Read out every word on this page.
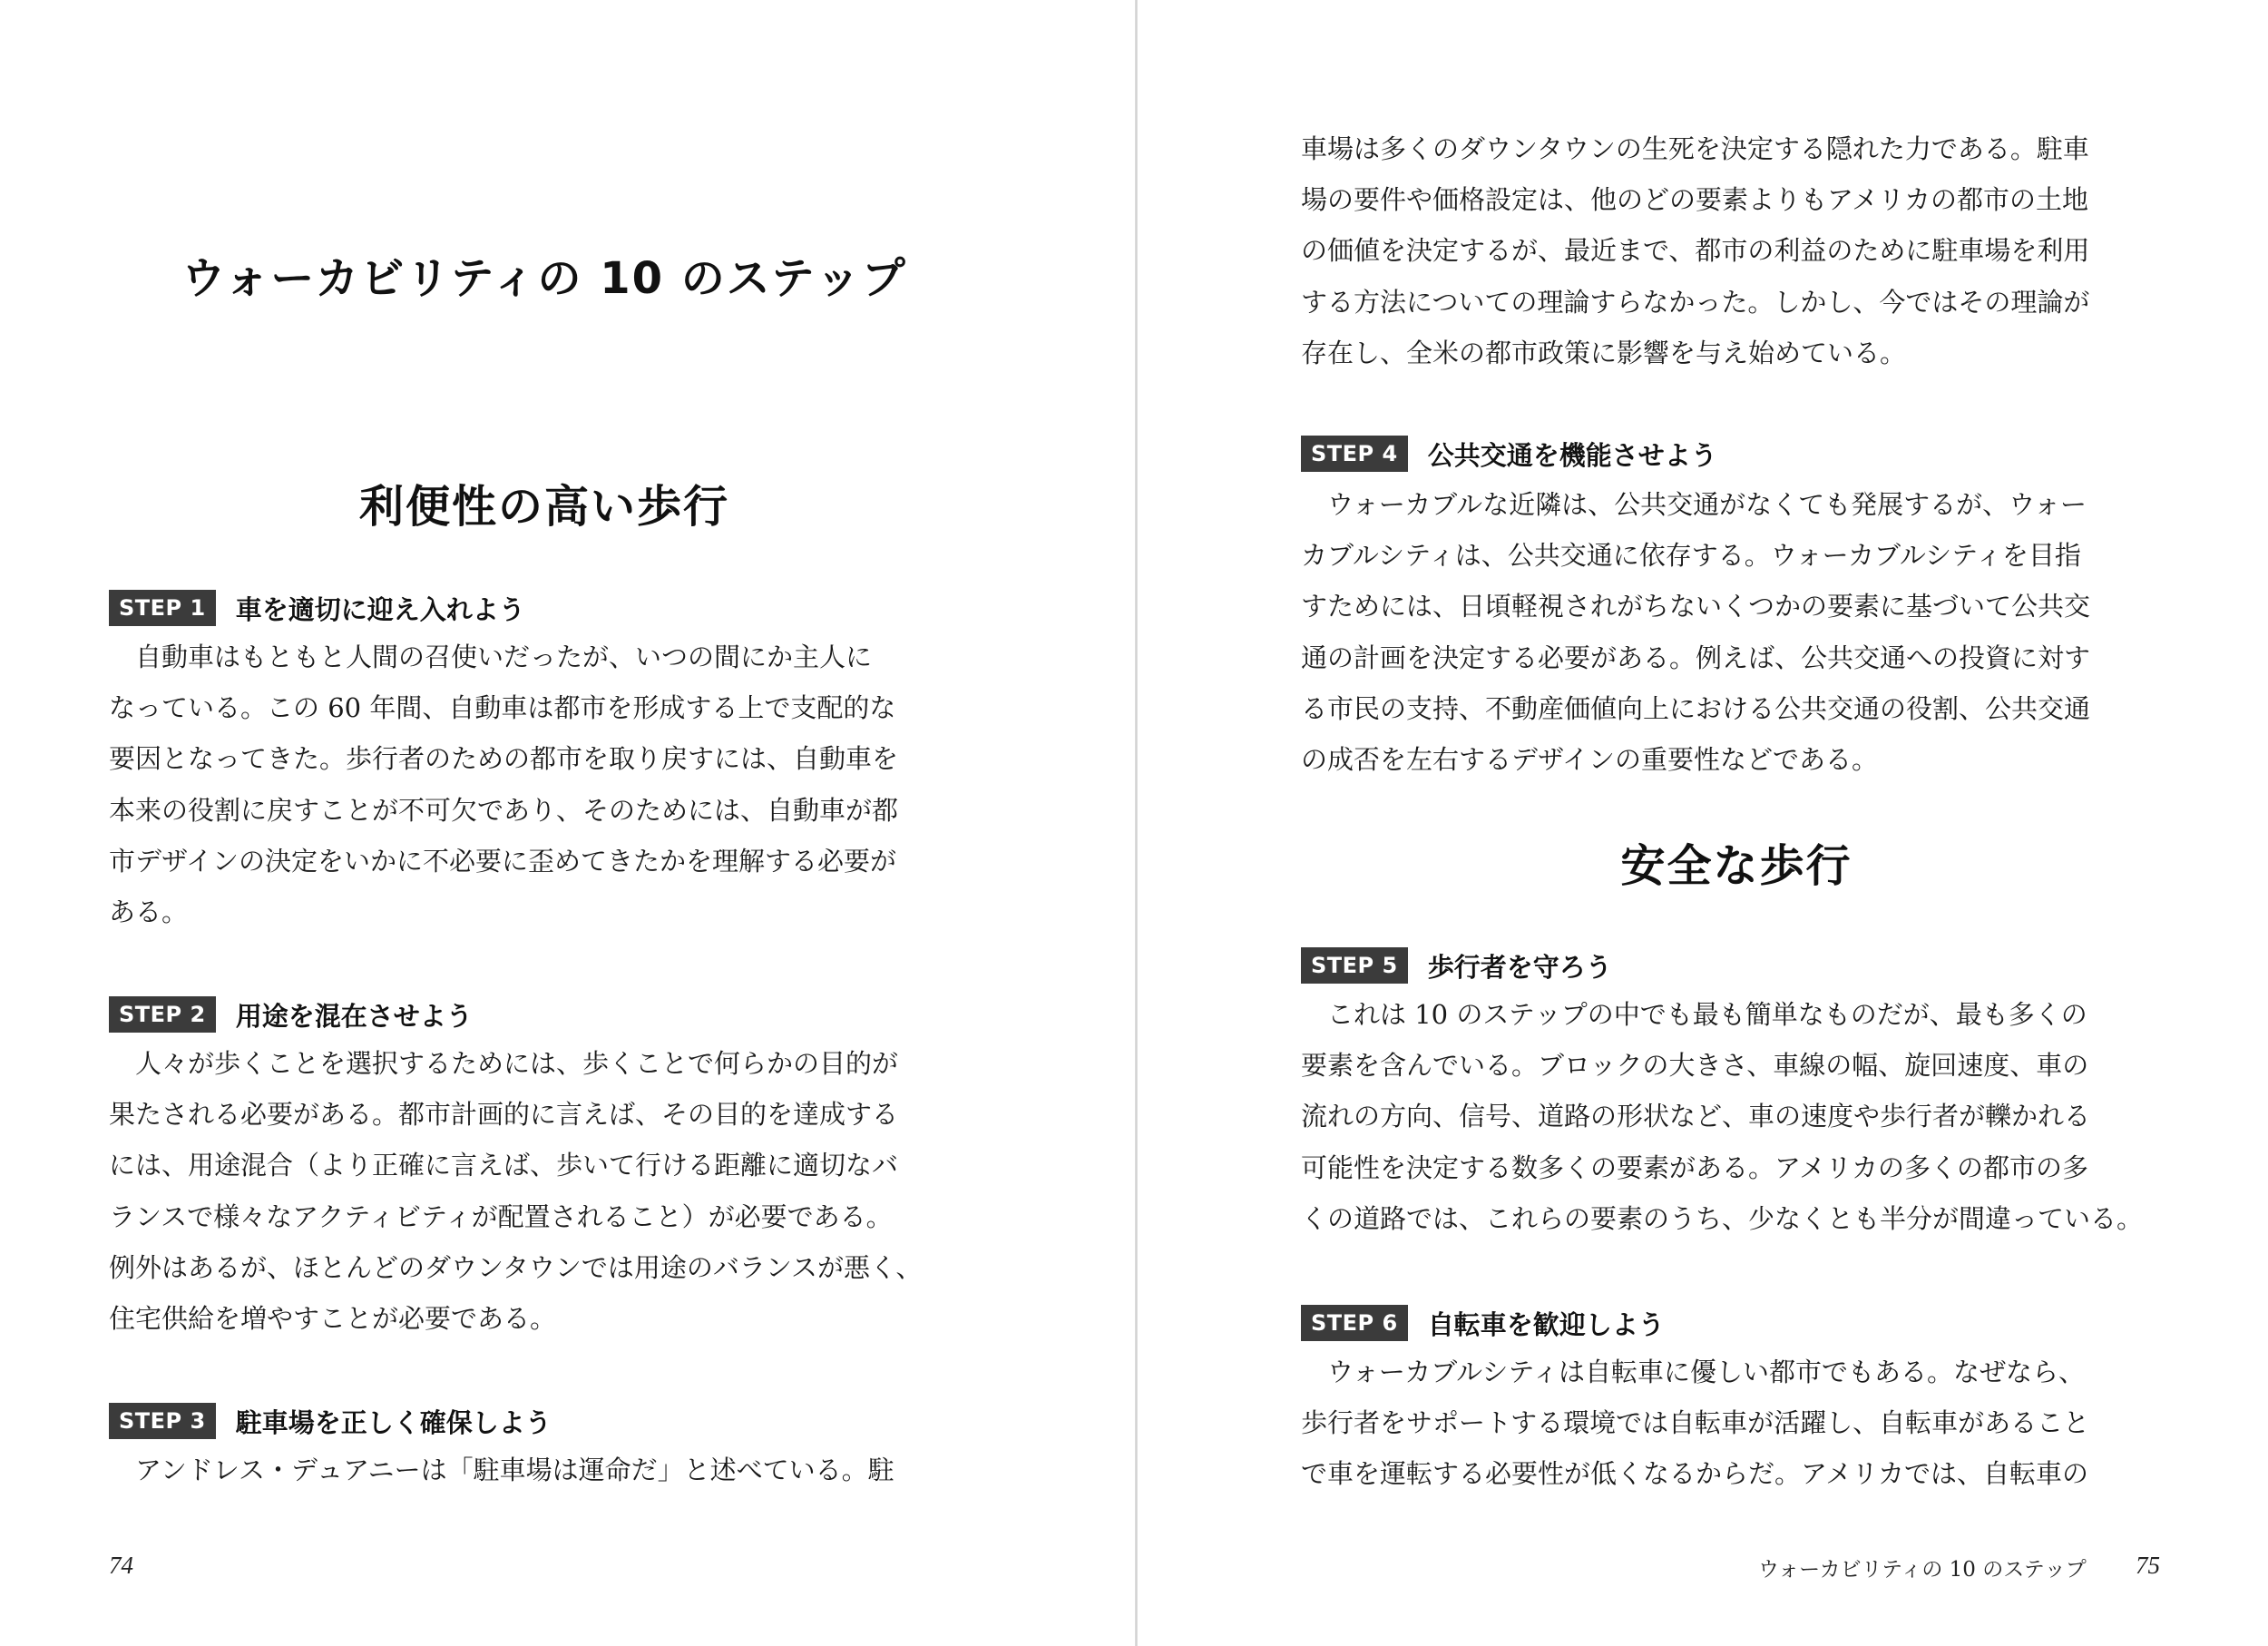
ウォーカビリティの 10 のステップ
利便性の高い歩行
STEP 1	車を適切に迎え入れよう
　自動車はもともと人間の召使いだったが、いつの間にか主人に
なっている。この 60 年間、自動車は都市を形成する上で支配的な
要因となってきた。歩行者のための都市を取り戻すには、自動車を
本来の役割に戻すことが不可欠であり、そのためには、自動車が都
市デザインの決定をいかに不必要に歪めてきたかを理解する必要が
ある。
STEP 2	用途を混在させよう
　人々が歩くことを選択するためには、歩くことで何らかの目的が
果たされる必要がある。都市計画的に言えば、その目的を達成する
には、用途混合（より正確に言えば、歩いて行ける距離に適切なバ
ランスで様々なアクティビティが配置されること）が必要である。
例外はあるが、ほとんどのダウンタウンでは用途のバランスが悪く、
住宅供給を増やすことが必要である。
STEP 3	駐車場を正しく確保しよう
　アンドレス・デュアニーは「駐車場は運命だ」と述べている。駐

74

車場は多くのダウンタウンの生死を決定する隠れた力である。駐車
場の要件や価格設定は、他のどの要素よりもアメリカの都市の土地
の価値を決定するが、最近まで、都市の利益のために駐車場を利用
する方法についての理論すらなかった。しかし、今ではその理論が
存在し、全米の都市政策に影響を与え始めている。
STEP 4	公共交通を機能させよう
　ウォーカブルな近隣は、公共交通がなくても発展するが、ウォー
カブルシティは、公共交通に依存する。ウォーカブルシティを目指
すためには、日頃軽視されがちないくつかの要素に基づいて公共交
通の計画を決定する必要がある。例えば、公共交通への投資に対す
る市民の支持、不動産価値向上における公共交通の役割、公共交通
の成否を左右するデザインの重要性などである。
安全な歩行
STEP 5	歩行者を守ろう
　これは 10 のステップの中でも最も簡単なものだが、最も多くの
要素を含んでいる。ブロックの大きさ、車線の幅、旋回速度、車の
流れの方向、信号、道路の形状など、車の速度や歩行者が轢かれる
可能性を決定する数多くの要素がある。アメリカの多くの都市の多
くの道路では、これらの要素のうち、少なくとも半分が間違っている。
STEP 6	自転車を歓迎しよう
　ウォーカブルシティは自転車に優しい都市でもある。なぜなら、
歩行者をサポートする環境では自転車が活躍し、自転車があること
で車を運転する必要性が低くなるからだ。アメリカでは、自転車の

ウォーカビリティの 10 のステップ 75
